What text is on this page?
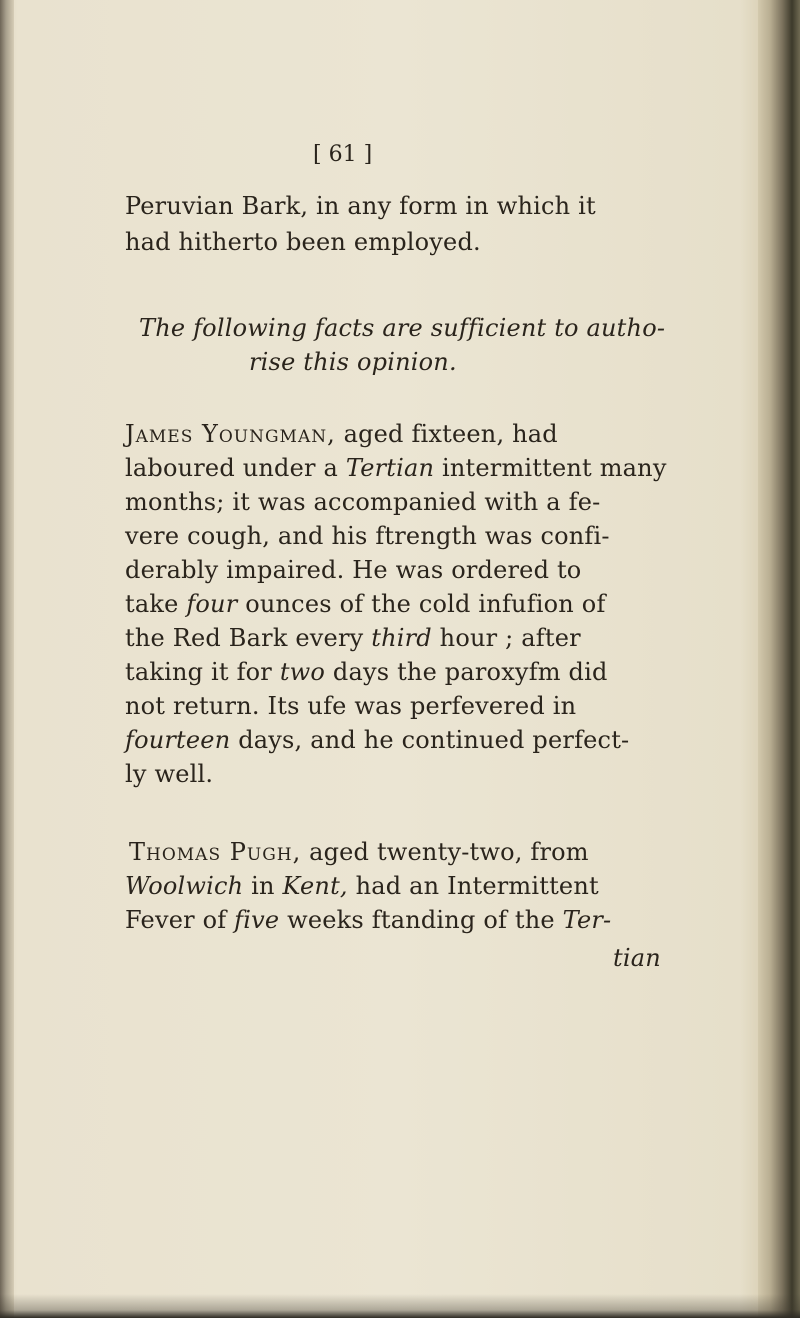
[ 61 ]
Peruvian Bark, in any form in which it
had hitherto been employed.
The following facts are sufficient to autho-
rise this opinion.
James Youngman, aged fixteen, had
laboured under a Tertian intermittent many
months; it was accompanied with a fe-
vere cough, and his ftrength was confi-
derably impaired. He was ordered to
take four ounces of the cold infufion of
the Red Bark every third hour ; after
taking it for two days the paroxyfm did
not return. Its ufe was perfevered in
fourteen days, and he continued perfect-
ly well.
Thomas Pugh, aged twenty-two, from
Woolwich in Kent, had an Intermittent
Fever of five weeks ftanding of the Ter-
tian
